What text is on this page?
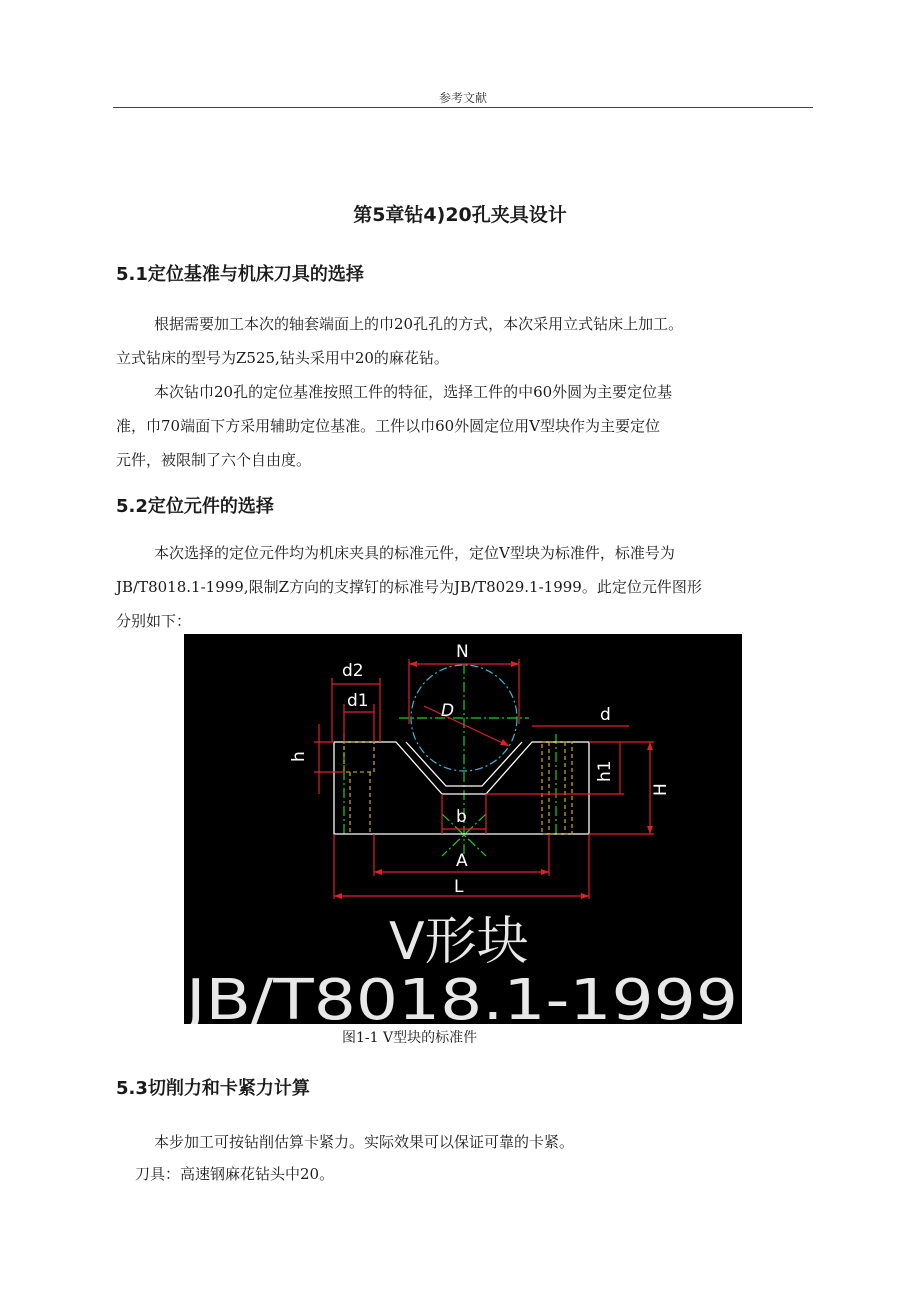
参考文献
第5章钻4)20孔夹具设计
5.1定位基准与机床刀具的选择
根据需要加工本次的轴套端面上的巾20孔孔的方式，本次采用立式钻床上加工。
立式钻床的型号为Z525,钻头采用中20的麻花钻。
本次钻巾20孔的定位基准按照工件的特征，选择工件的中60外圆为主要定位基
准，巾70端面下方采用辅助定位基准。工件以巾60外圆定位用V型块作为主要定位
元件，被限制了六个自由度。
5.2定位元件的选择
本次选择的定位元件均为机床夹具的标准元件，定位V型块为标准件，标准号为
JB/T8018.1-1999,限制Z方向的支撑钉的标准号为JB/T8029.1-1999。此定位元件图形
分别如下：
N
d2
d1	D	d
h
h1
H
b
A
L
V形块
JB/T8018.1-1999
图1-1 V型块的标准件
5.3切削力和卡紧力计算
本步加工可按钻削估算卡紧力。实际效果可以保证可靠的卡紧。
刀具：高速钢麻花钻头中20。
